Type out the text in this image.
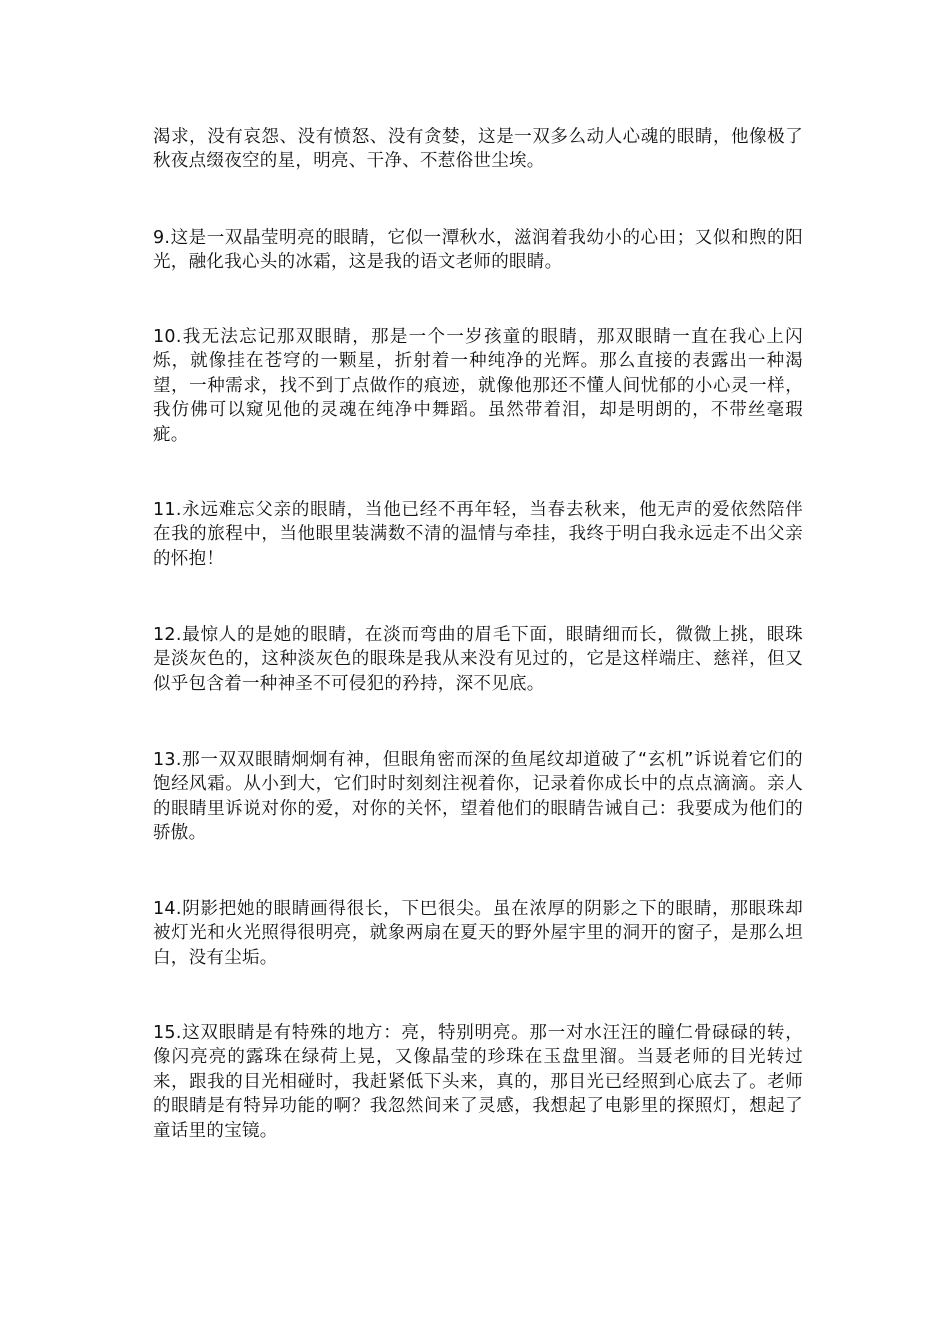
渴求，没有哀怨、没有愤怒、没有贪婪，这是一双多么动人心魂的眼睛，他像极了秋夜点缀夜空的星，明亮、干净、不惹俗世尘埃。

9.这是一双晶莹明亮的眼睛，它似一潭秋水，滋润着我幼小的心田；又似和煦的阳光，融化我心头的冰霜，这是我的语文老师的眼睛。

10.我无法忘记那双眼睛，那是一个一岁孩童的眼睛，那双眼睛一直在我心上闪烁，就像挂在苍穹的一颗星，折射着一种纯净的光辉。那么直接的表露出一种渴望，一种需求，找不到丁点做作的痕迹，就像他那还不懂人间忧郁的小心灵一样，我仿佛可以窥见他的灵魂在纯净中舞蹈。虽然带着泪，却是明朗的，不带丝毫瑕疵。

11.永远难忘父亲的眼睛，当他已经不再年轻，当春去秋来，他无声的爱依然陪伴在我的旅程中，当他眼里装满数不清的温情与牵挂，我终于明白我永远走不出父亲的怀抱！

12.最惊人的是她的眼睛，在淡而弯曲的眉毛下面，眼睛细而长，微微上挑，眼珠是淡灰色的，这种淡灰色的眼珠是我从来没有见过的，它是这样端庄、慈祥，但又似乎包含着一种神圣不可侵犯的矜持，深不见底。

13.那一双双眼睛炯炯有神，但眼角密而深的鱼尾纹却道破了“玄机”诉说着它们的饱经风霜。从小到大，它们时时刻刻注视着你，记录着你成长中的点点滴滴。亲人的眼睛里诉说对你的爱，对你的关怀，望着他们的眼睛告诫自己：我要成为他们的骄傲。

14.阴影把她的眼睛画得很长，下巴很尖。虽在浓厚的阴影之下的眼睛，那眼珠却被灯光和火光照得很明亮，就象两扇在夏天的野外屋宇里的洞开的窗子，是那么坦白，没有尘垢。

15.这双眼睛是有特殊的地方：亮，特别明亮。那一对水汪汪的瞳仁骨碌碌的转，像闪亮亮的露珠在绿荷上晃，又像晶莹的珍珠在玉盘里溜。当聂老师的目光转过来，跟我的目光相碰时，我赶紧低下头来，真的，那目光已经照到心底去了。老师的眼睛是有特异功能的啊？我忽然间来了灵感，我想起了电影里的探照灯，想起了童话里的宝镜。
